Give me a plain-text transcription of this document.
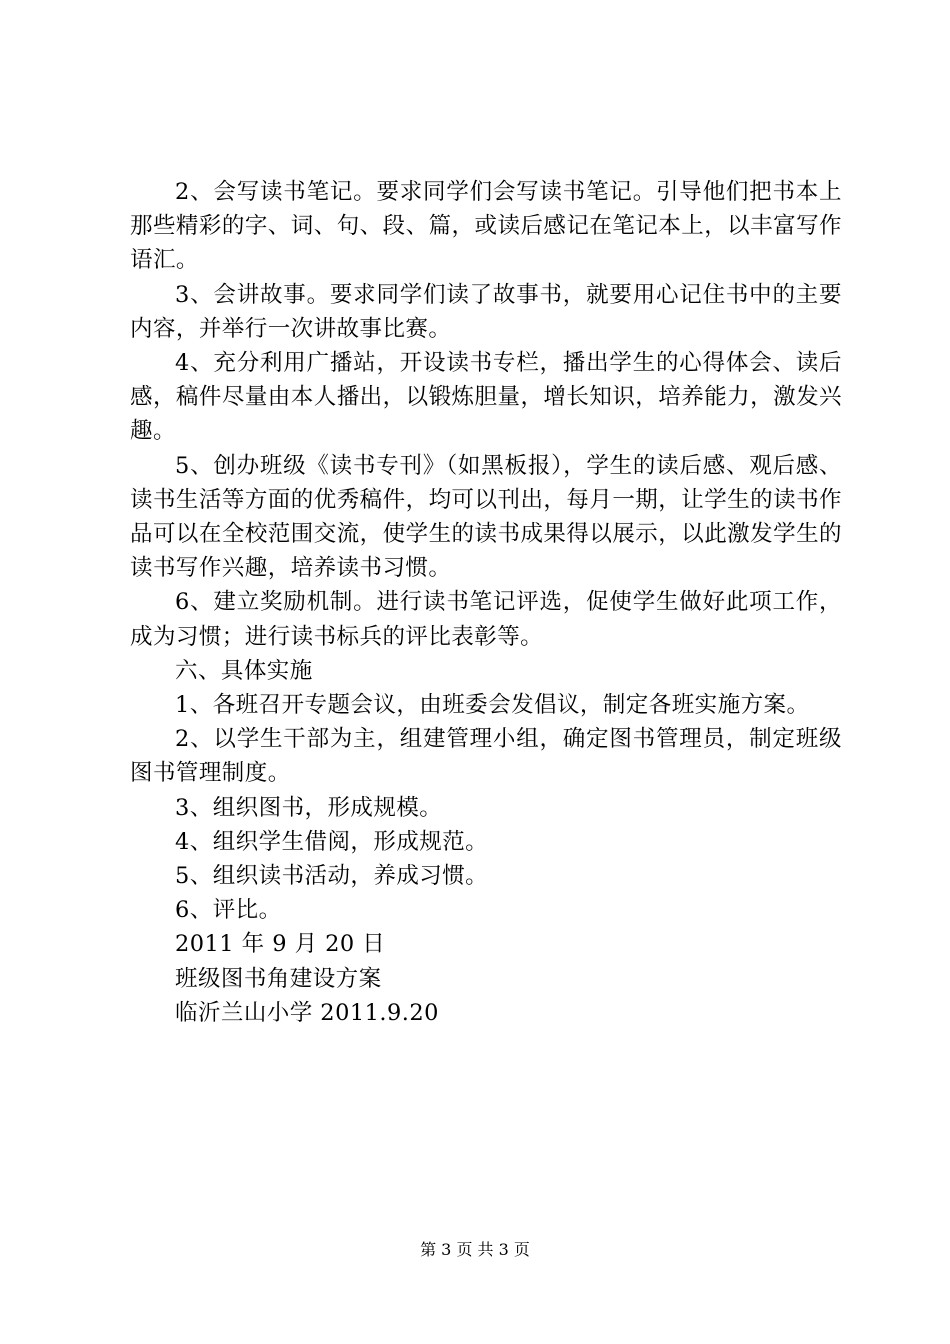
2、会写读书笔记。要求同学们会写读书笔记。引导他们把书本上那些精彩的字、词、句、段、篇，或读后感记在笔记本上，以丰富写作语汇。

3、会讲故事。要求同学们读了故事书，就要用心记住书中的主要内容，并举行一次讲故事比赛。

4、充分利用广播站，开设读书专栏，播出学生的心得体会、读后感，稿件尽量由本人播出，以锻炼胆量，增长知识，培养能力，激发兴趣。

5、创办班级《读书专刊》（如黑板报），学生的读后感、观后感、读书生活等方面的优秀稿件，均可以刊出，每月一期，让学生的读书作品可以在全校范围交流，使学生的读书成果得以展示，以此激发学生的读书写作兴趣，培养读书习惯。

6、建立奖励机制。进行读书笔记评选，促使学生做好此项工作，成为习惯；进行读书标兵的评比表彰等。

六、具体实施

1、各班召开专题会议，由班委会发倡议，制定各班实施方案。

2、以学生干部为主，组建管理小组，确定图书管理员，制定班级图书管理制度。

3、组织图书，形成规模。

4、组织学生借阅，形成规范。

5、组织读书活动，养成习惯。

6、评比。

2011 年 9 月 20 日

班级图书角建设方案

临沂兰山小学 2011.9.20

第 3 页 共 3 页
